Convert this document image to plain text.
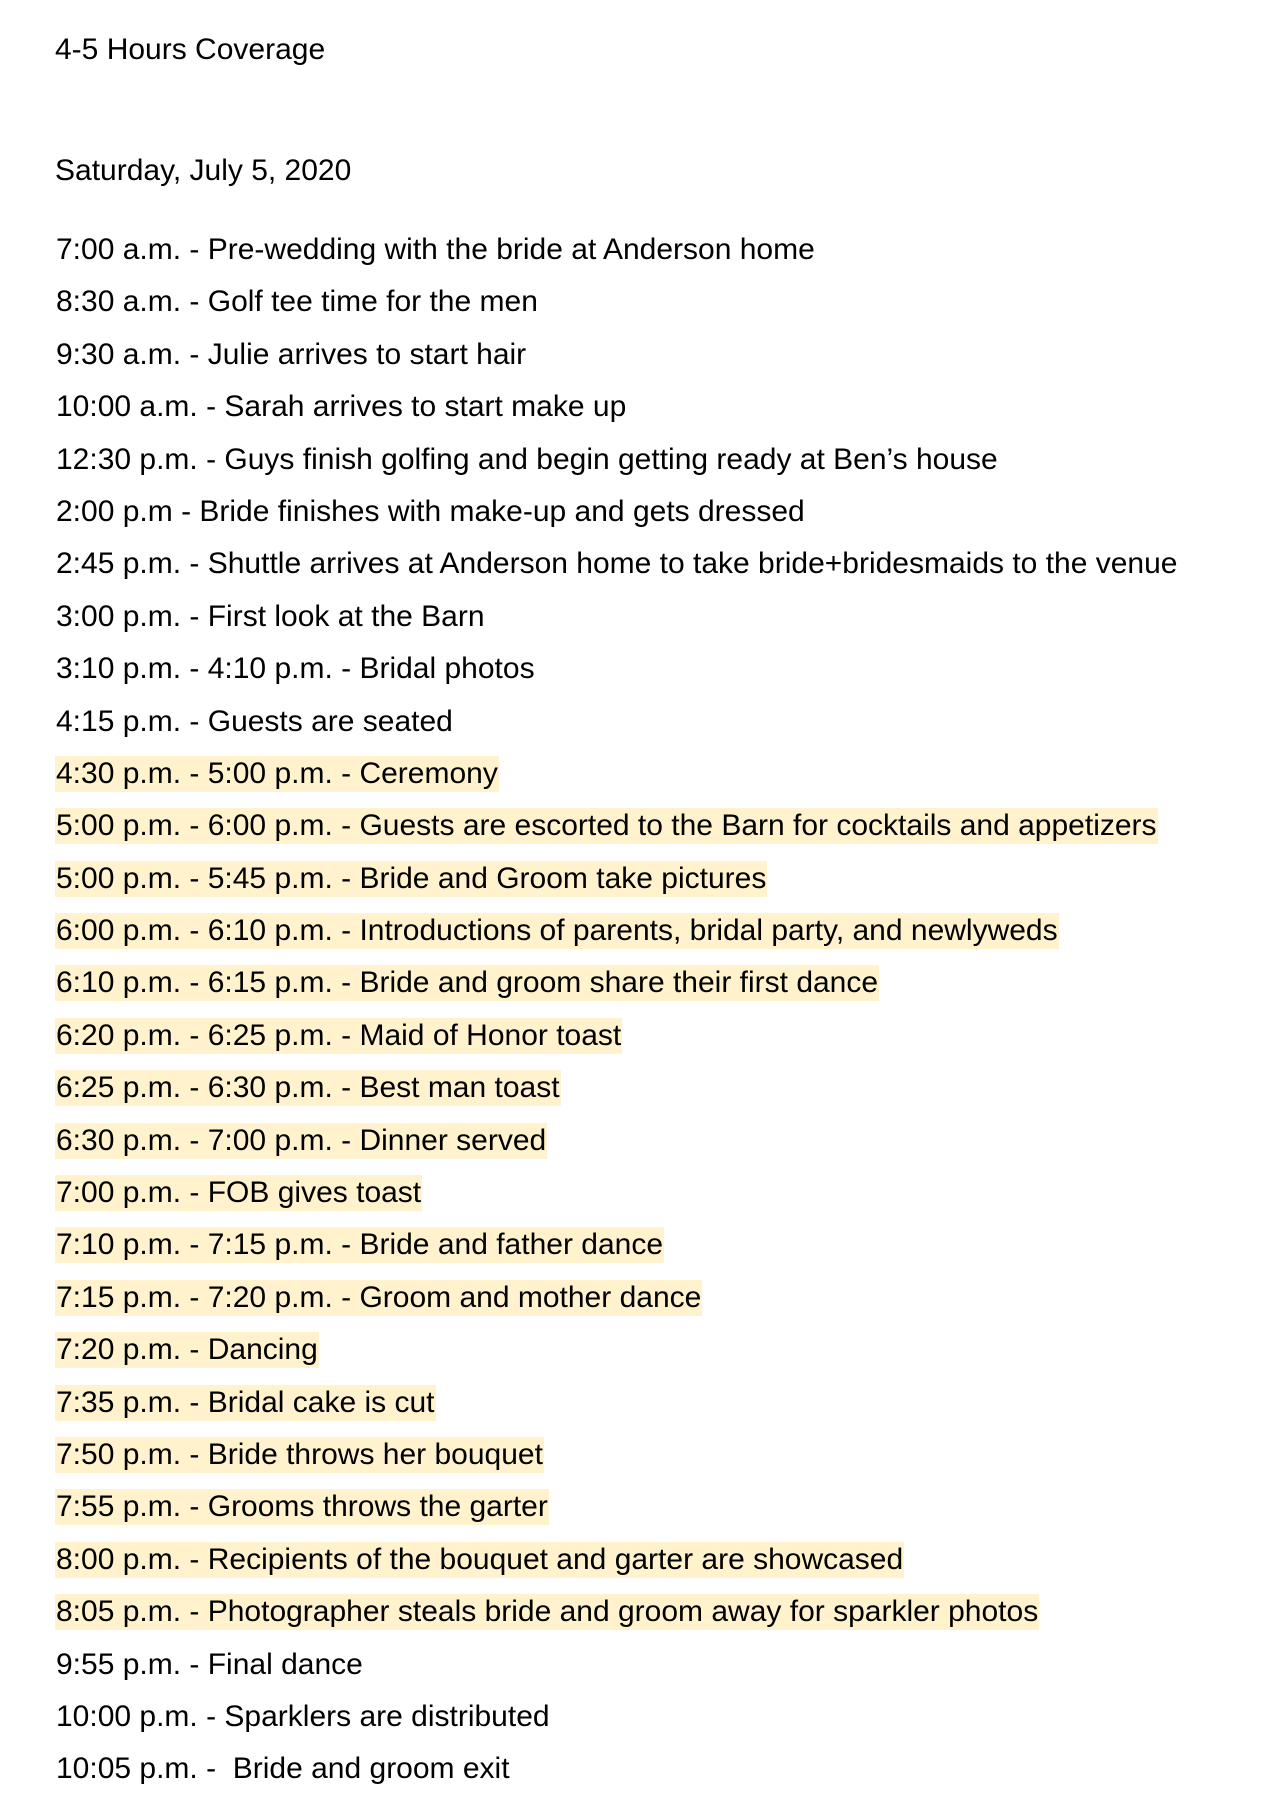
4-5 Hours Coverage
Saturday, July 5, 2020
7:00 a.m. - Pre-wedding with the bride at Anderson home
8:30 a.m. - Golf tee time for the men
9:30 a.m. - Julie arrives to start hair
10:00 a.m. - Sarah arrives to start make up
12:30 p.m. - Guys finish golfing and begin getting ready at Ben’s house
2:00 p.m - Bride finishes with make-up and gets dressed
2:45 p.m. - Shuttle arrives at Anderson home to take bride+bridesmaids to the venue
3:00 p.m. - First look at the Barn
3:10 p.m. - 4:10 p.m. - Bridal photos
4:15 p.m. - Guests are seated
4:30 p.m. - 5:00 p.m. - Ceremony
5:00 p.m. - 6:00 p.m. - Guests are escorted to the Barn for cocktails and appetizers
5:00 p.m. - 5:45 p.m. - Bride and Groom take pictures
6:00 p.m. - 6:10 p.m. - Introductions of parents, bridal party, and newlyweds
6:10 p.m. - 6:15 p.m. - Bride and groom share their first dance
6:20 p.m. - 6:25 p.m. - Maid of Honor toast
6:25 p.m. - 6:30 p.m. - Best man toast
6:30 p.m. - 7:00 p.m. - Dinner served
7:00 p.m. - FOB gives toast
7:10 p.m. - 7:15 p.m. - Bride and father dance
7:15 p.m. - 7:20 p.m. - Groom and mother dance
7:20 p.m. - Dancing
7:35 p.m. - Bridal cake is cut
7:50 p.m. - Bride throws her bouquet
7:55 p.m. - Grooms throws the garter
8:00 p.m. - Recipients of the bouquet and garter are showcased
8:05 p.m. - Photographer steals bride and groom away for sparkler photos
9:55 p.m. - Final dance
10:00 p.m. - Sparklers are distributed
10:05 p.m. -  Bride and groom exit
